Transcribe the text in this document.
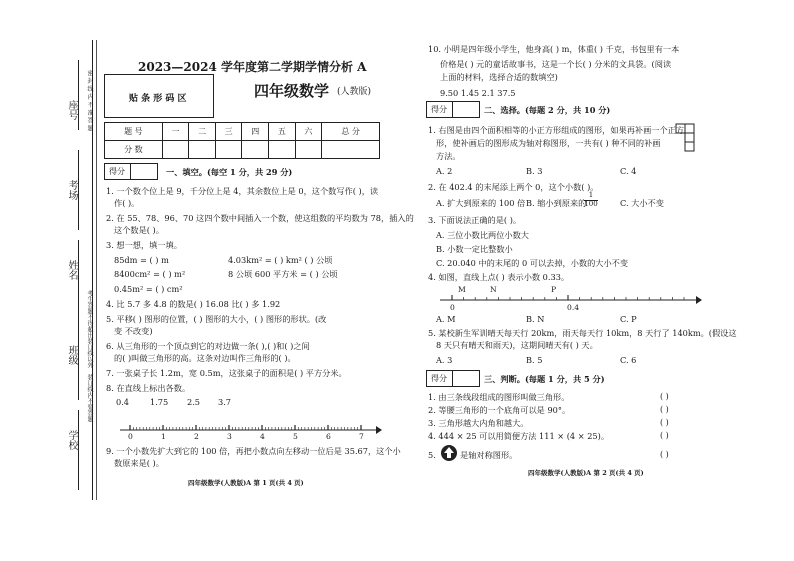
座号
考场
姓名
班级
学校
密 封 线 内 不 准 答 题
考生答题不得超出装订线以外，装订线内不要答题
2023—2024 学年度第二学期学情分析 A
贴 条 形 码 区	四年级数学 (人教版)
题 号	一	二	三	四	五	六	总 分
分 数							
得分	一、填空。(每空 1 分，共 29 分)
1. 一个数个位上是 9，千分位上是 4，其余数位上是 0，这个数写作( )，读
作( )。
2. 在 55、78、96、70 这四个数中间插入一个数，使这组数的平均数为 78，插入的
这个数是( )。
3. 想一想，填一填。
85dm = ( ) m	4.03km² = ( ) km² ( ) 公顷
8400cm² = ( ) m²	8 公顷 600 平方米 = ( ) 公顷
0.45m² = ( ) cm²
4. 比 5.7 多 4.8 的数是( ) 16.08 比( ) 多 1.92
5. 平移( ) 图形的位置，( ) 图形的大小，( ) 图形的形状。(改
变 不改变)
6. 从三角形的一个顶点到它的对边做一条( ),( )和( )之间
的( )叫做三角形的高。这条对边叫作三角形的( )。
7. 一张桌子长 1.2m，宽 0.5m，这张桌子的面积是( ) 平方分米。
8. 在直线上标出各数。
0.4	1.75 2.5 3.7
0	1	2	3	4	5	6	7
9. 一个小数先扩大到它的 100 倍，再把小数点向左移动一位后是 35.67，这个小
数原来是( )。
四年级数学(人教版)A 第 1 页(共 4 页)
10. 小明是四年级小学生，他身高( ) m，体重( ) 千克，书包里有一本
价格是( ) 元的童话故事书，这是一个长( ) 分米的文具袋。(阅读
上面的材料，选择合适的数填空)
9.50 1.45 2.1 37.5
得分	二、选择。(每题 2 分，共 10 分)
1. 右图是由四个面积相等的小正方形组成的图形，如果再补画一个正方
形，使补画后的图形成为轴对称图形，一共有( ) 种不同的补画
方法。
A. 2	B. 3	C. 4
2. 在 402.4 的末尾添上两个 0，这个小数( )。
A. 扩大到原来的 100 倍 B. 缩小到原来的
$\frac{1}{100}$	C. 大小不变
3. 下面说法正确的是( )。
A. 三位小数比两位小数大
B. 小数一定比整数小
C. 20.040 中的末尾的 0 可以去掉，小数的大小不变
4. 如图，直线上点( ) 表示小数 0.33。
M	N	P
0	0.4
A. M	B. N	C. P
5. 某校新生军训晴天每天行 20km，雨天每天行 10km，8 天行了 140km。(假设这
8 天只有晴天和雨天)，这期间晴天有( ) 天。
A. 3	B. 5	C. 6
得分	三、判断。(每题 1 分，共 5 分)
1. 由三条线段组成的图形叫做三角形。	( )
2. 等腰三角形的一个底角可以是 90°。	( )
3. 三角形越大内角和越大。	( )
4. 444 × 25 可以用简便方法 111 × (4 × 25)。	( )
5.	是轴对称图形。	( )
四年级数学(人教版)A 第 2 页(共 4 页)
